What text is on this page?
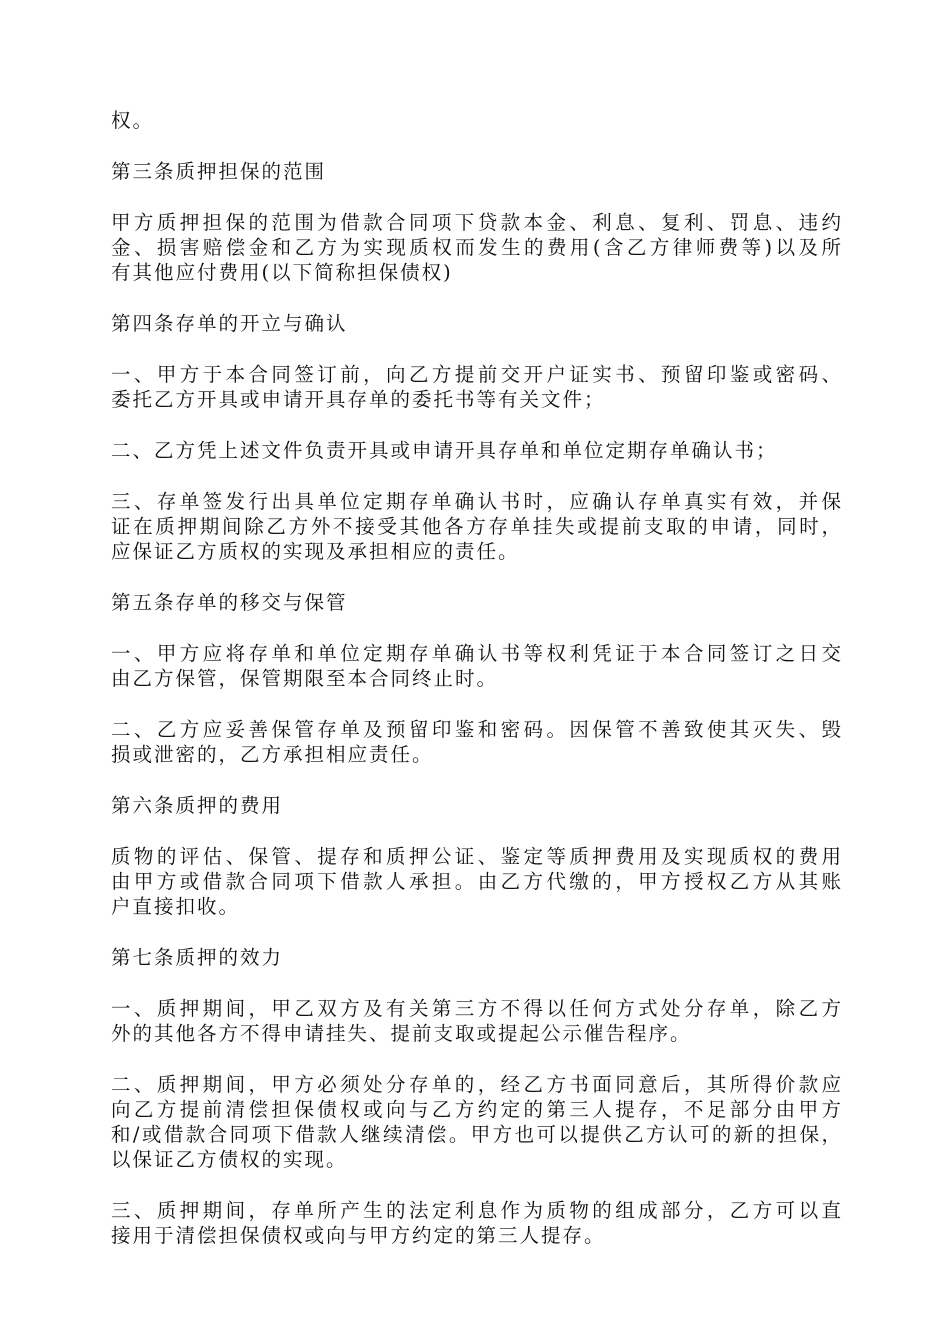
权。
第三条质押担保的范围
甲方质押担保的范围为借款合同项下贷款本金、利息、复利、罚息、违约
金、损害赔偿金和乙方为实现质权而发生的费用(含乙方律师费等)以及所
有其他应付费用(以下简称担保债权)
第四条存单的开立与确认
一、甲方于本合同签订前，向乙方提前交开户证实书、预留印鉴或密码、
委托乙方开具或申请开具存单的委托书等有关文件；
二、乙方凭上述文件负责开具或申请开具存单和单位定期存单确认书；
三、存单签发行出具单位定期存单确认书时，应确认存单真实有效，并保
证在质押期间除乙方外不接受其他各方存单挂失或提前支取的申请，同时，
应保证乙方质权的实现及承担相应的责任。
第五条存单的移交与保管
一、甲方应将存单和单位定期存单确认书等权利凭证于本合同签订之日交
由乙方保管，保管期限至本合同终止时。
二、乙方应妥善保管存单及预留印鉴和密码。因保管不善致使其灭失、毁
损或泄密的，乙方承担相应责任。
第六条质押的费用
质物的评估、保管、提存和质押公证、鉴定等质押费用及实现质权的费用
由甲方或借款合同项下借款人承担。由乙方代缴的，甲方授权乙方从其账
户直接扣收。
第七条质押的效力
一、质押期间，甲乙双方及有关第三方不得以任何方式处分存单，除乙方
外的其他各方不得申请挂失、提前支取或提起公示催告程序。
二、质押期间，甲方必须处分存单的，经乙方书面同意后，其所得价款应
向乙方提前清偿担保债权或向与乙方约定的第三人提存，不足部分由甲方
和/或借款合同项下借款人继续清偿。甲方也可以提供乙方认可的新的担保，
以保证乙方债权的实现。
三、质押期间，存单所产生的法定利息作为质物的组成部分，乙方可以直
接用于清偿担保债权或向与甲方约定的第三人提存。
